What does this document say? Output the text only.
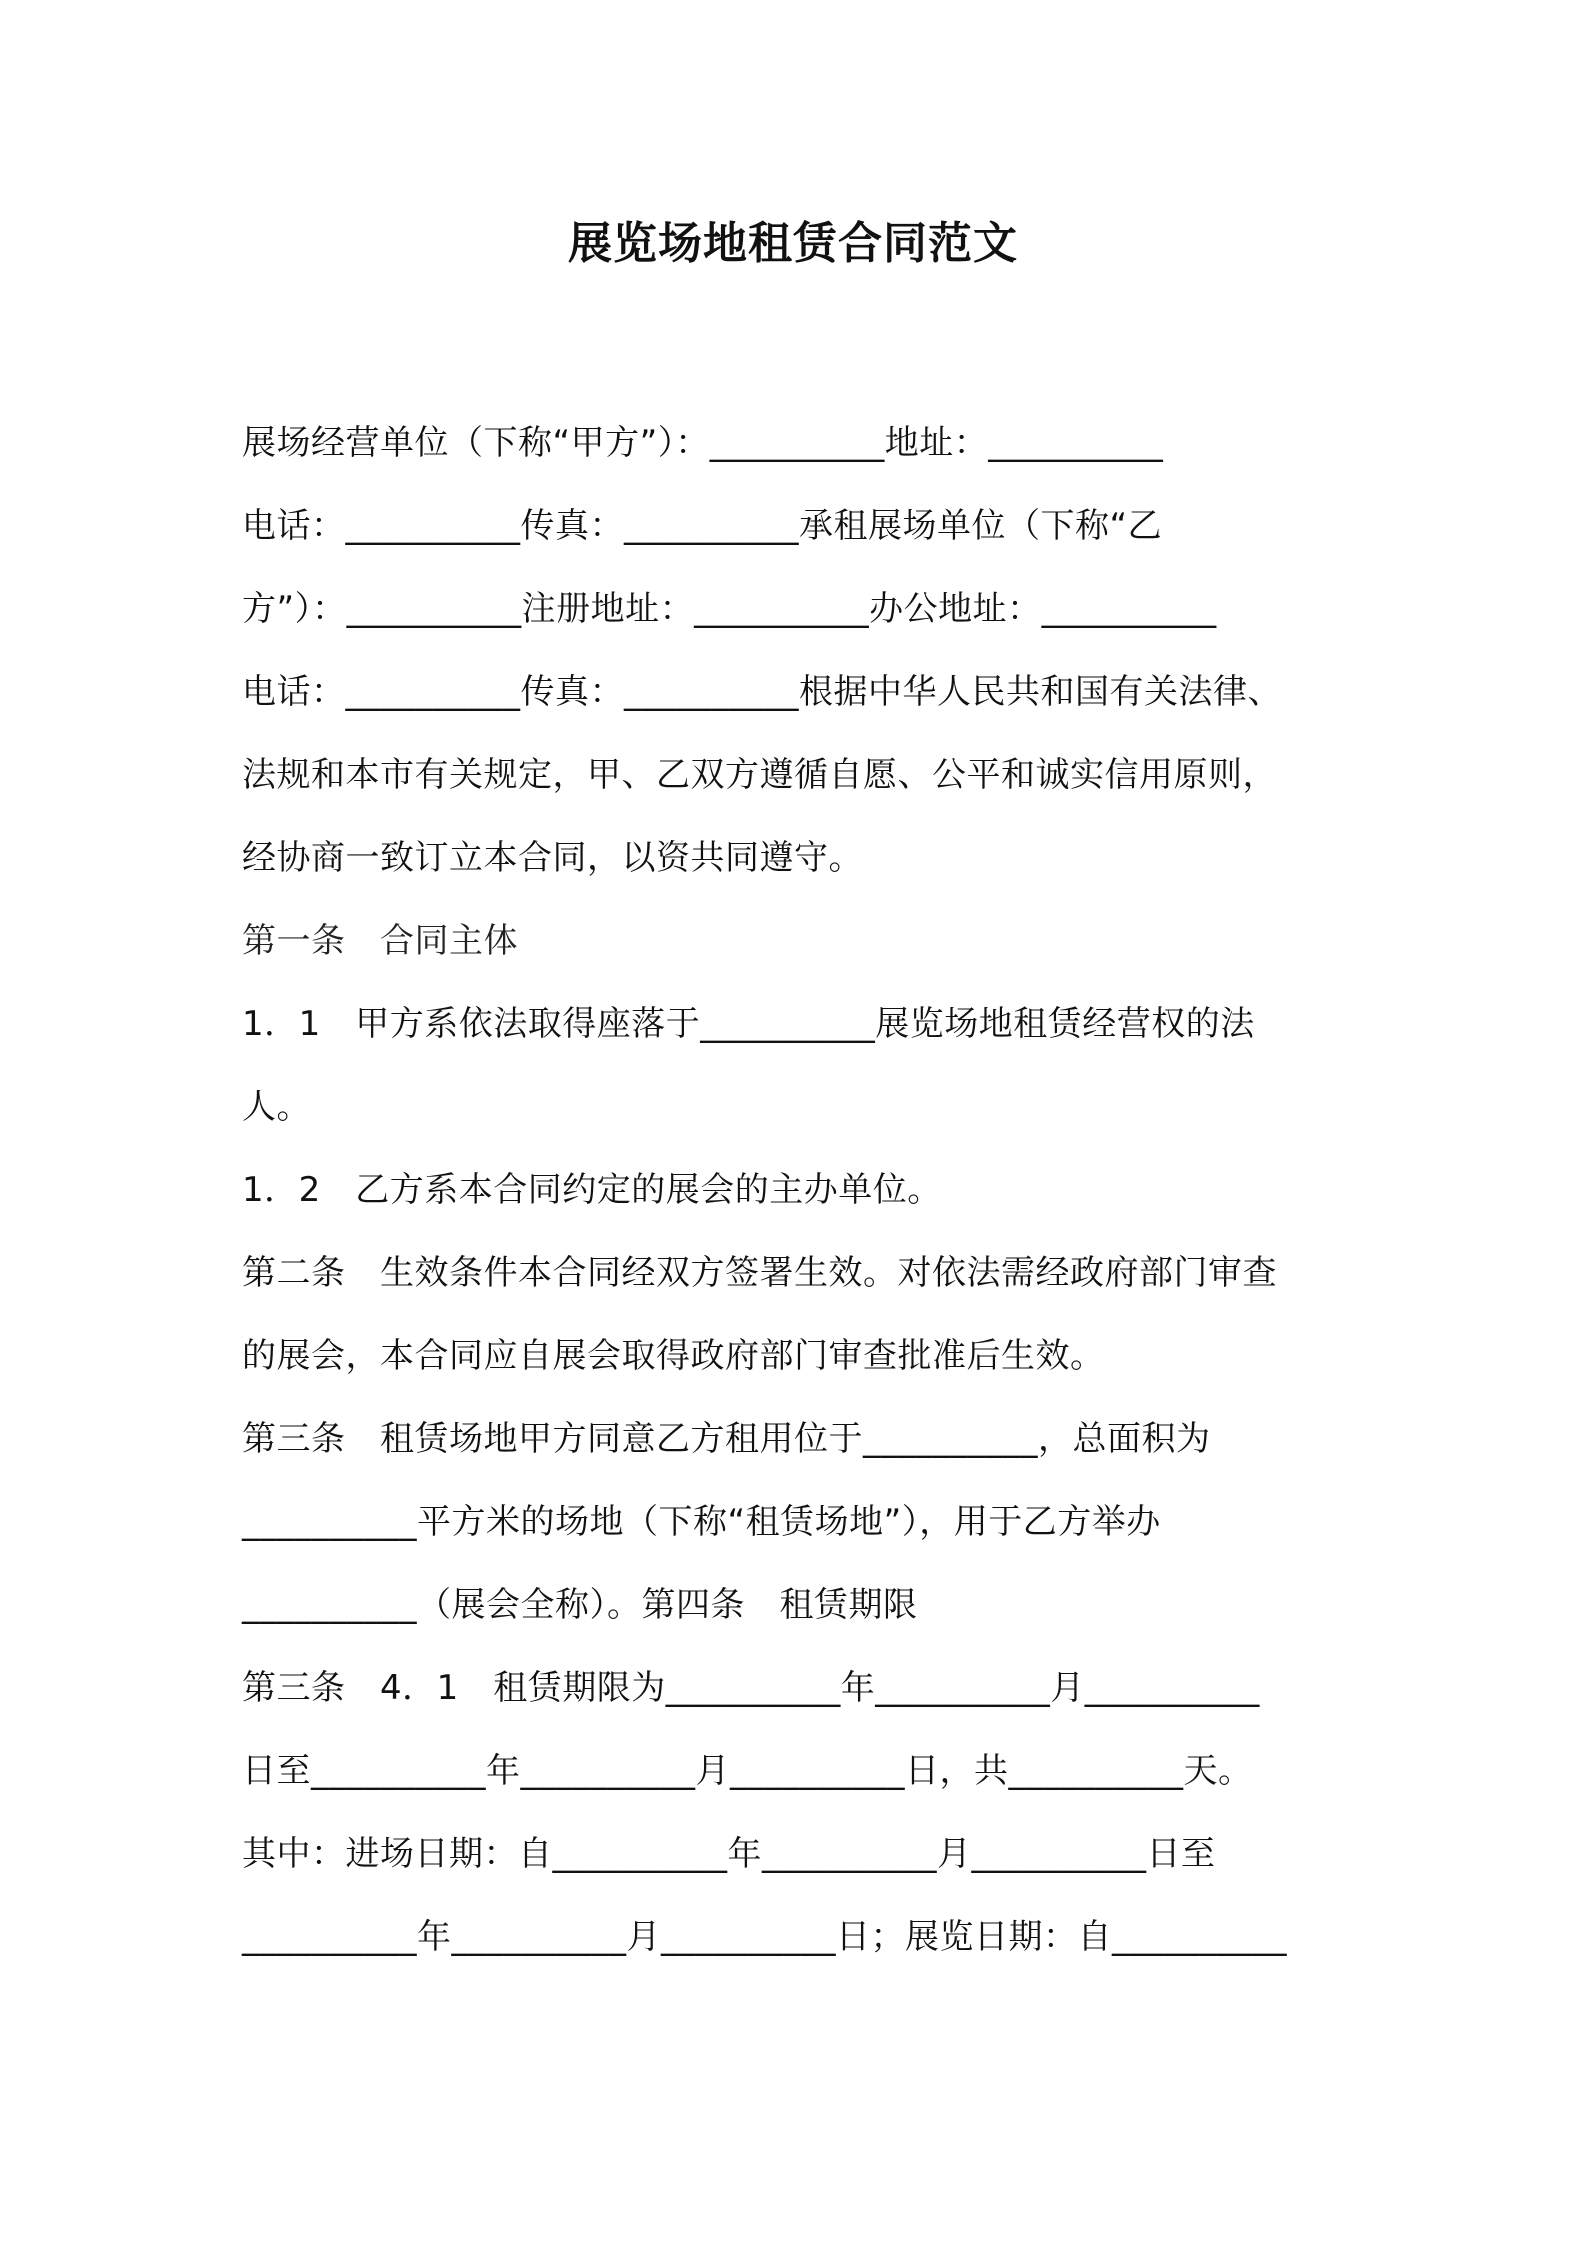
展览场地租赁合同范文
展场经营单位（下称“甲方”）：__________地址：__________
电话：__________传真：__________承租展场单位（下称“乙
方”）：__________注册地址：__________办公地址：__________
电话：__________传真：__________根据中华人民共和国有关法律、
法规和本市有关规定，甲、乙双方遵循自愿、公平和诚实信用原则，
经协商一致订立本合同，以资共同遵守。
第一条　合同主体
1．1　甲方系依法取得座落于__________展览场地租赁经营权的法
人。
1．2　乙方系本合同约定的展会的主办单位。
第二条　生效条件本合同经双方签署生效。对依法需经政府部门审查
的展会，本合同应自展会取得政府部门审查批准后生效。
第三条　租赁场地甲方同意乙方租用位于__________，总面积为
__________平方米的场地（下称“租赁场地”），用于乙方举办
__________（展会全称）。第四条　租赁期限
第三条　4．1　租赁期限为__________年__________月__________
日至__________年__________月__________日，共__________天。
其中：进场日期：自__________年__________月__________日至
__________年__________月__________日；展览日期：自__________
